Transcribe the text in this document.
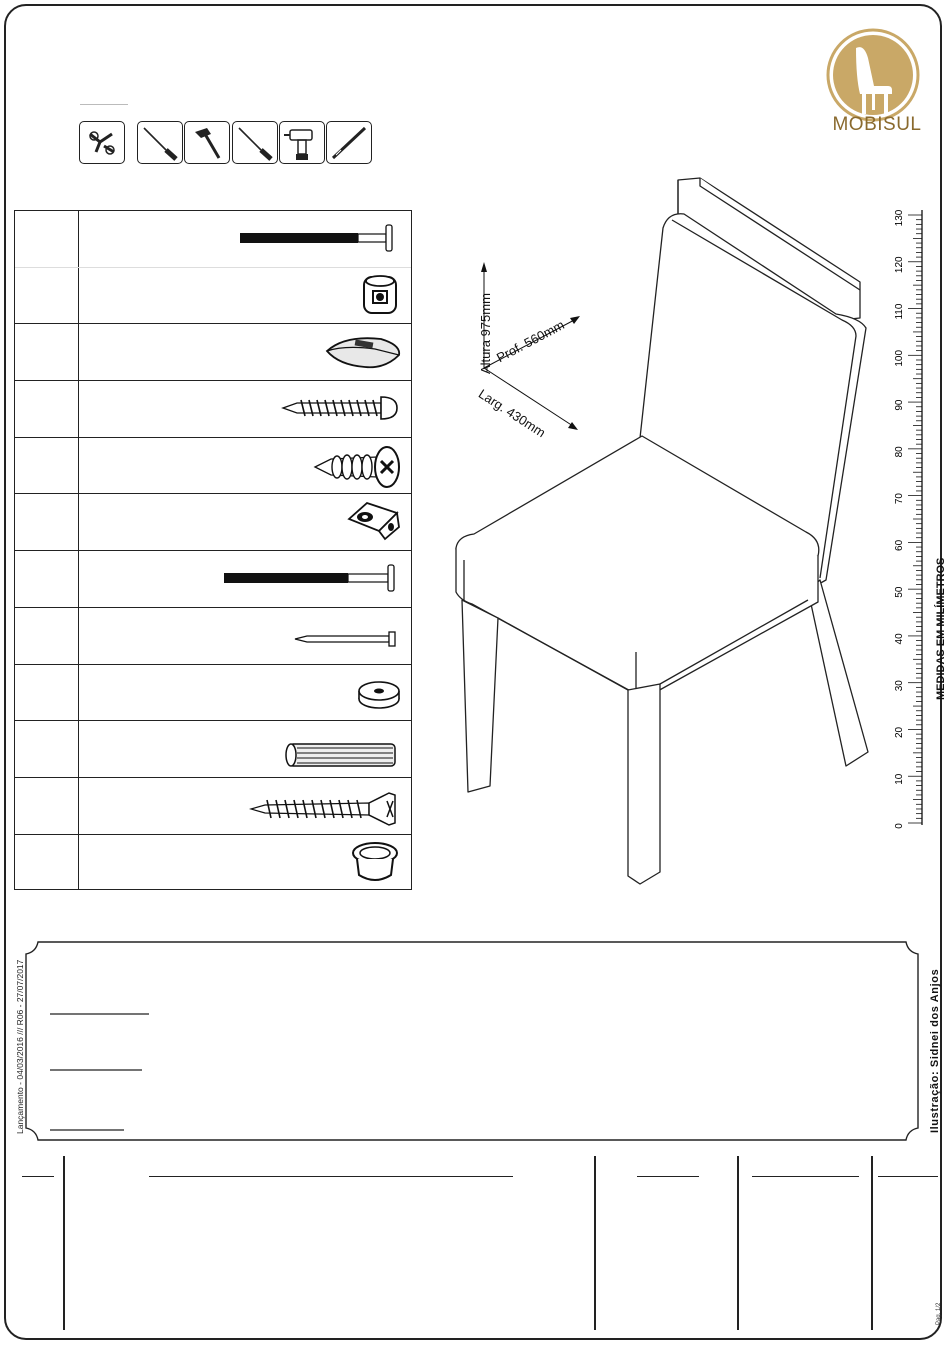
MOBISUL
Altura 975mm Prof. 560mm
Larg. 430mm
0
10
20
30
40
50
60
70
80
90
100
110
120
130
MEDIDAS EM MILÍMETROS
Lançamento - 04/03/2016 /// R06 - 27/07/2017	Ilustração: Sidnei dos Anjos
Pag. 1/2
